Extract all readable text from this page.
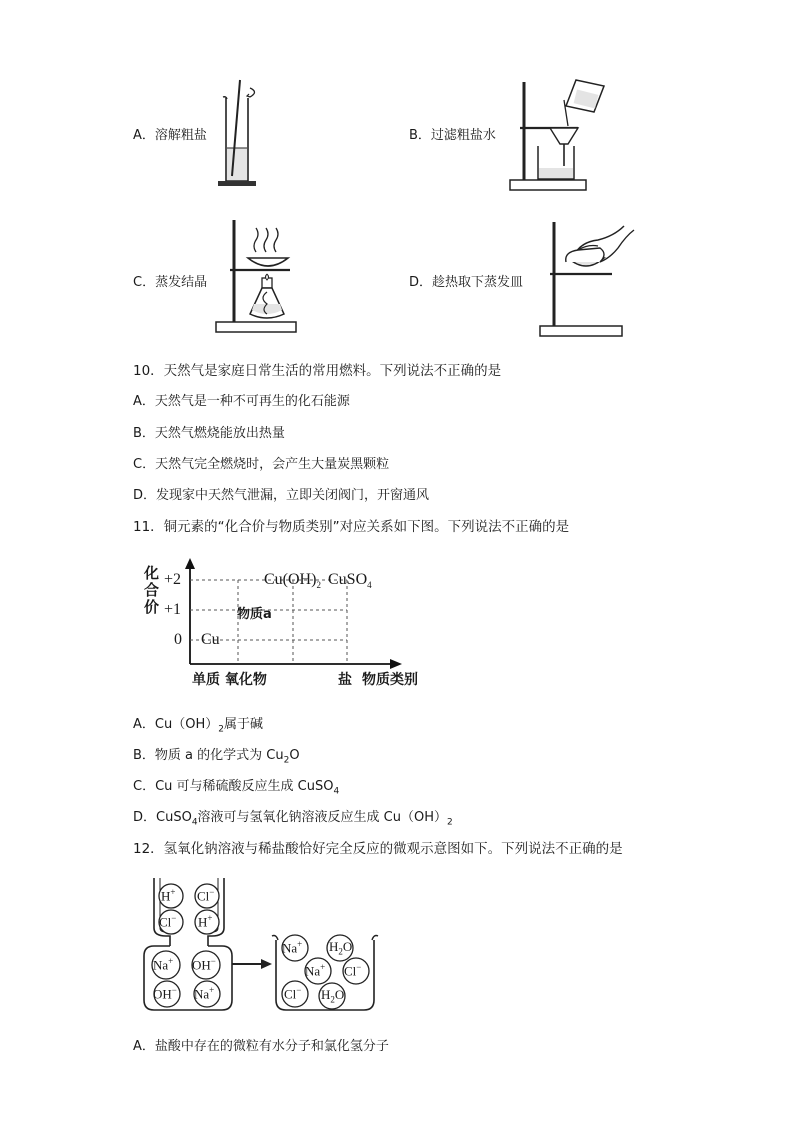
A．溶解粗盐	B．过滤粗盐水
C．蒸发结晶	D．趁热取下蒸发皿
10．天然气是家庭日常生活的常用燃料。下列说法不正确的是
A．天然气是一种不可再生的化石能源
B．天然气燃烧能放出热量
C．天然气完全燃烧时，会产生大量炭黑颗粒
D．发现家中天然气泄漏，立即关闭阀门，开窗通风
11．铜元素的“化合价与物质类别”对应关系如下图。下列说法不正确的是
化合价
+2
+1
0 Cu
物质a
$Cu(OH)_2$ CuSO$_4$
单质 氧化物	盐 物质类别
A．$Cu(OH)_2$属于碱
B．物质 a 的化学式为 $Cu_2O$
C．Cu 可与稀硫酸反应生成 CuSO$_4$
D．CuSO$_4$溶液可与氢氧化钠溶液反应生成 $Cu(OH)_2$
12．氢氧化钠溶液与稀盐酸恰好完全反应的微观示意图如下。下列说法不正确的是
H+ Cl−
Cl− H+
Na+ OH−
OH− Na+
Na+ $H_2O$
Na+ Cl−
Cl− $H_2O$
A．盐酸中存在的微粒有水分子和氯化氢分子
